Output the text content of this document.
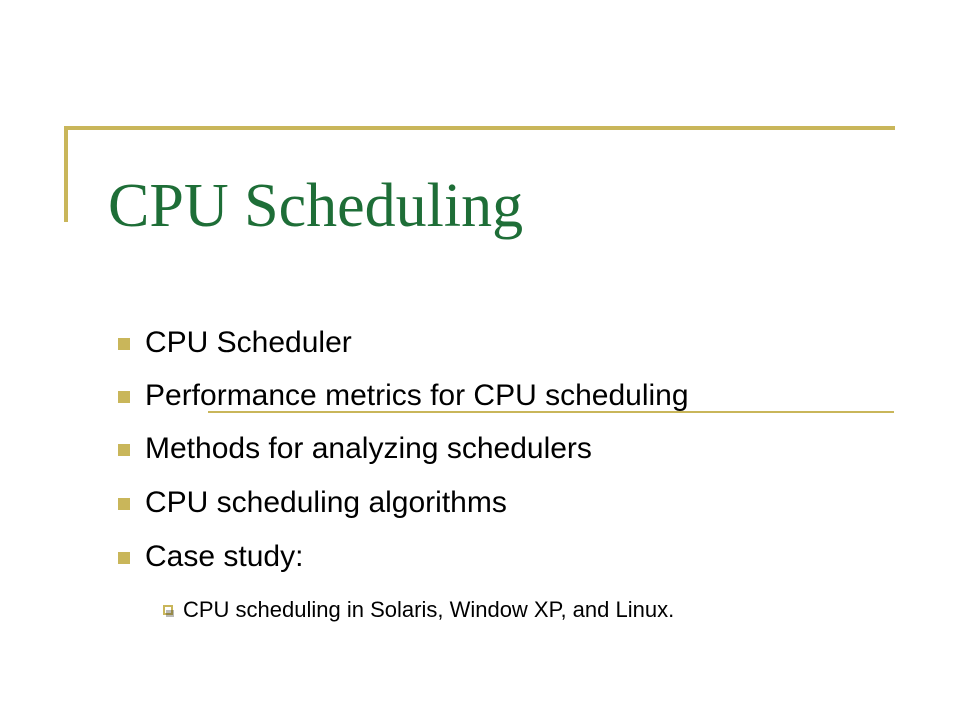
CPU Scheduling
CPU Scheduler
Performance metrics for CPU scheduling
Methods for analyzing schedulers
CPU scheduling algorithms
Case study:
CPU scheduling in Solaris, Window XP, and Linux.
